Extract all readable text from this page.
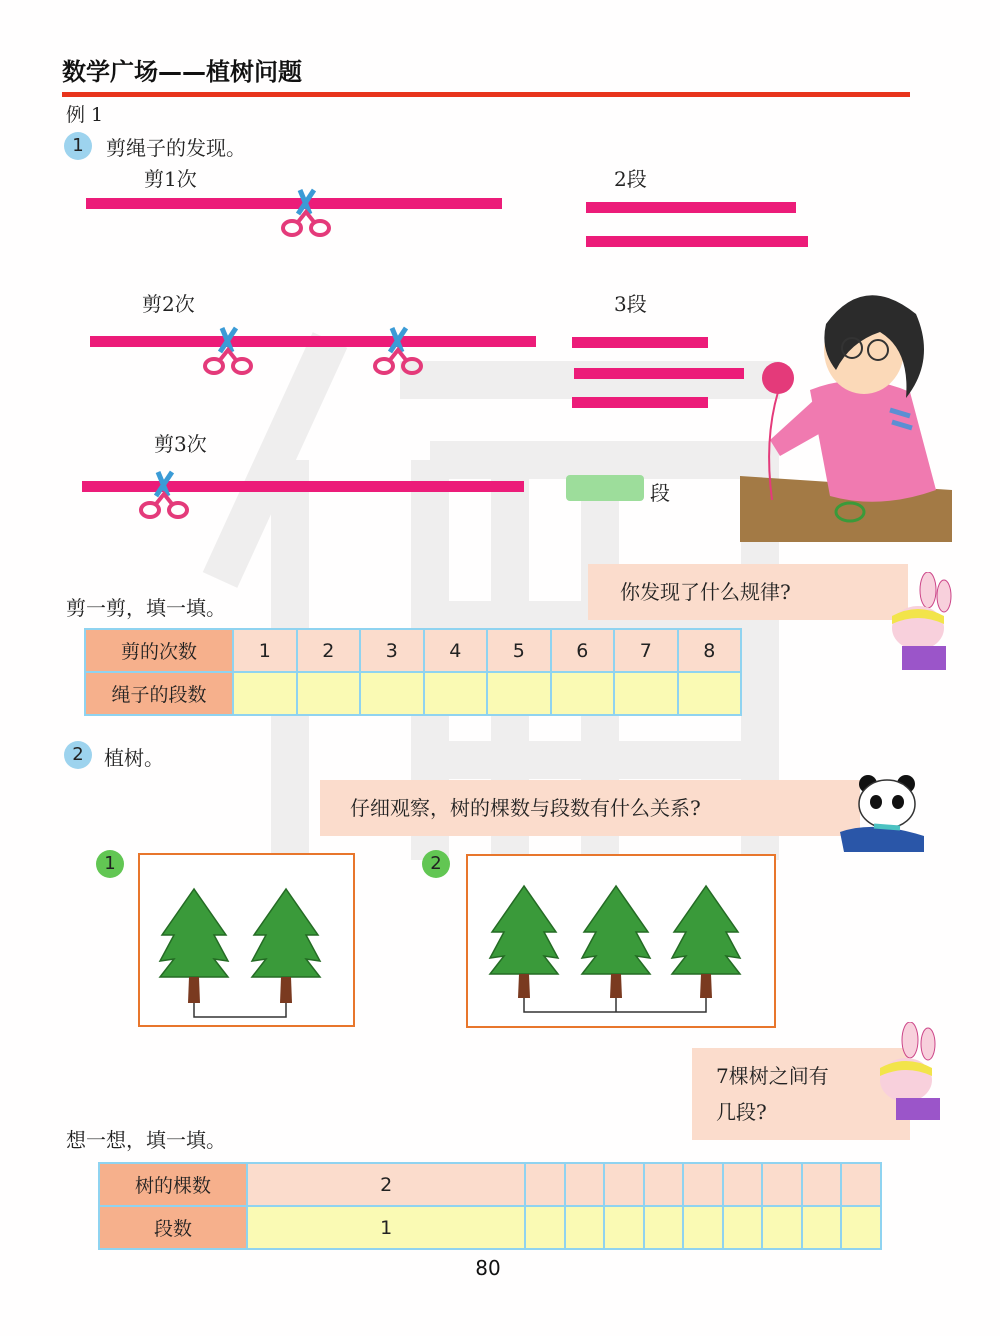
数学广场——植树问题
例 1
1	剪绳子的发现。
剪1次	2段
剪2次	3段
剪3次
段
你发现了什么规律?
剪一剪，填一填。
剪的次数	1	2	3	4	5	6	7	8
绳子的段数								
2	植树。
仔细观察，树的棵数与段数有什么关系?
1	2
7棵树之间有
几段?
想一想，填一填。
树的棵数	2									
段数	1									
80
